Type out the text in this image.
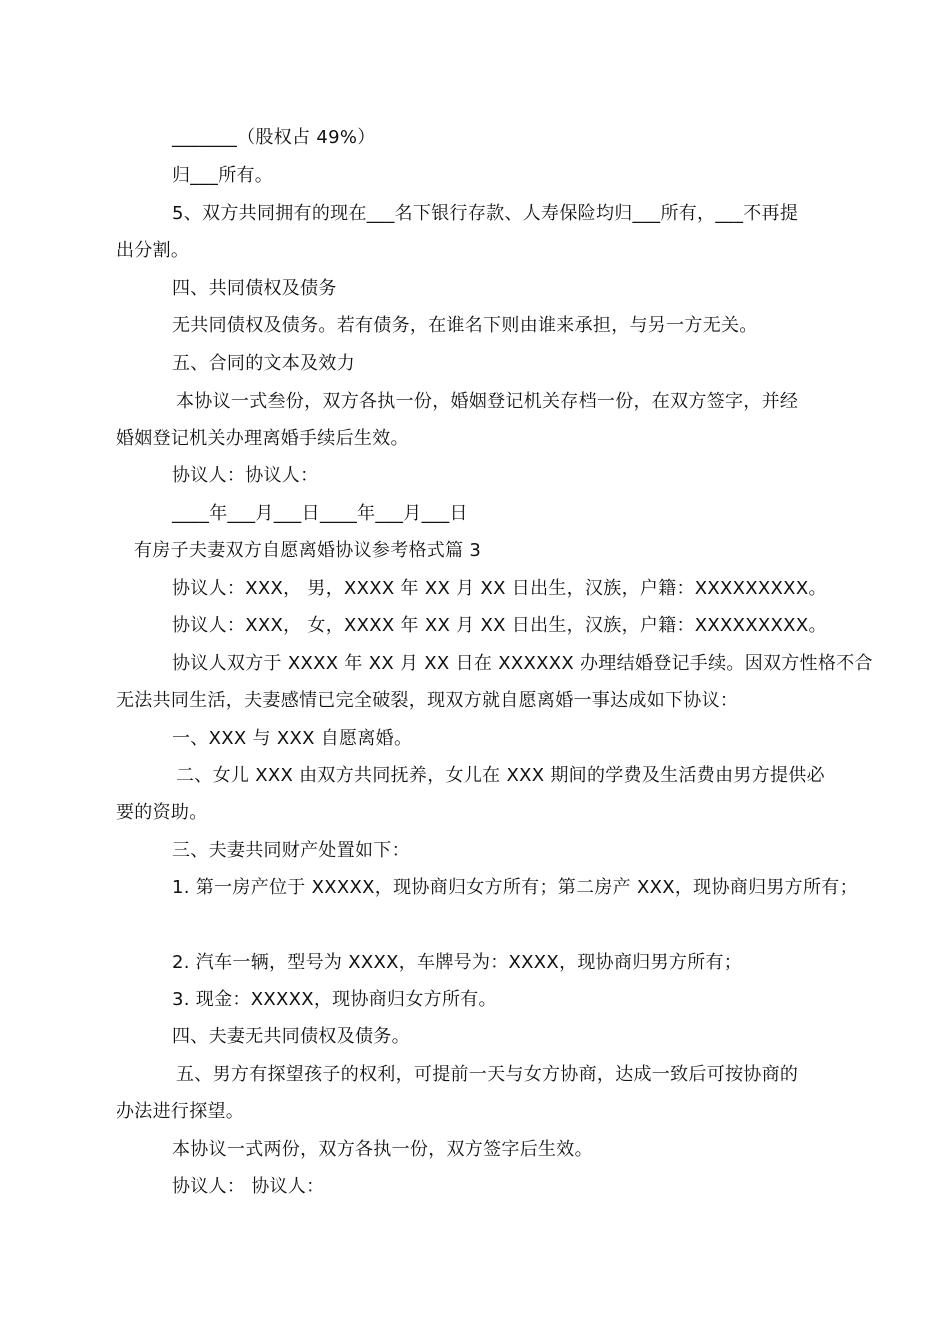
_______（股权占 49%）
归___所有。
5、双方共同拥有的现在___名下银行存款、人寿保险均归___所有，___不再提
出分割。
四、共同债权及债务
无共同债权及债务。若有债务，在谁名下则由谁来承担，与另一方无关。
五、合同的文本及效力
本协议一式叁份，双方各执一份，婚姻登记机关存档一份，在双方签字，并经
婚姻登记机关办理离婚手续后生效。
协议人：协议人：
____年___月___日____年___月___日
有房子夫妻双方自愿离婚协议参考格式篇 3
协议人：XXX， 男，XXXX 年 XX 月 XX 日出生，汉族，户籍：XXXXXXXXX。
协议人：XXX， 女，XXXX 年 XX 月 XX 日出生，汉族，户籍：XXXXXXXXX。
协议人双方于 XXXX 年 XX 月 XX 日在 XXXXXX 办理结婚登记手续。因双方性格不合
无法共同生活，夫妻感情已完全破裂，现双方就自愿离婚一事达成如下协议：
一、XXX 与 XXX 自愿离婚。
二、女儿 XXX 由双方共同抚养，女儿在 XXX 期间的学费及生活费由男方提供必
要的资助。
三、夫妻共同财产处置如下：
1. 第一房产位于 XXXXX，现协商归女方所有；第二房产 XXX，现协商归男方所有；
2. 汽车一辆，型号为 XXXX，车牌号为：XXXX，现协商归男方所有；
3. 现金：XXXXX，现协商归女方所有。
四、夫妻无共同债权及债务。
五、男方有探望孩子的权利，可提前一天与女方协商，达成一致后可按协商的
办法进行探望。
本协议一式两份，双方各执一份，双方签字后生效。
协议人： 协议人：
